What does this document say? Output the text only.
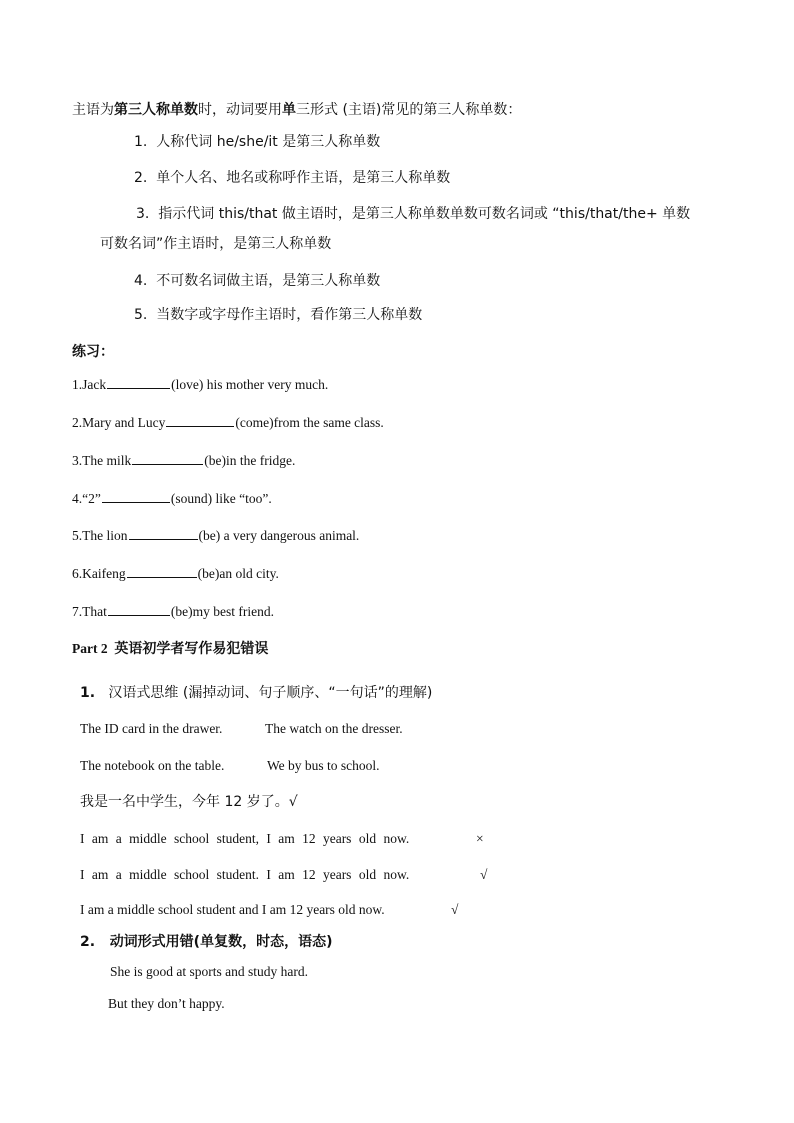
主语为第三人称单数时，动词要用单三形式 (主语)常见的第三人称单数：
1. 人称代词 he/she/it 是第三人称单数
2. 单个人名、地名或称呼作主语，是第三人称单数
3. 指示代词 this/that 做主语时，是第三人称单数单数可数名词或 “this/that/the+ 单数
可数名词”作主语时，是第三人称单数
4. 不可数名词做主语，是第三人称单数
5. 当数字或字母作主语时，看作第三人称单数
练习：
1.Jack	(love) his mother very much.
2.Mary and Lucy	(come)from the same class.
3.The milk	(be)in the fridge.
4.“2”	(sound) like “too”.
5.The lion	(be) a very dangerous animal.
6.Kaifeng	(be)an old city.
7.That	(be)my best friend.
Part 2 英语初学者写作易犯错误
1. 汉语式思维 (漏掉动词、句子顺序、“一句话”的理解)
The ID card in the drawer.	The watch on the dresser.
The notebook on the table.	We by bus to school.
我是一名中学生，今年 12 岁了。√
I am a middle school student, I am 12 years old now.	×
I am a middle school student. I am 12 years old now.	√
I am a middle school student and I am 12 years old now.	√
2. 动词形式用错(单复数，时态，语态)
She is good at sports and study hard.
But they don’t happy.
